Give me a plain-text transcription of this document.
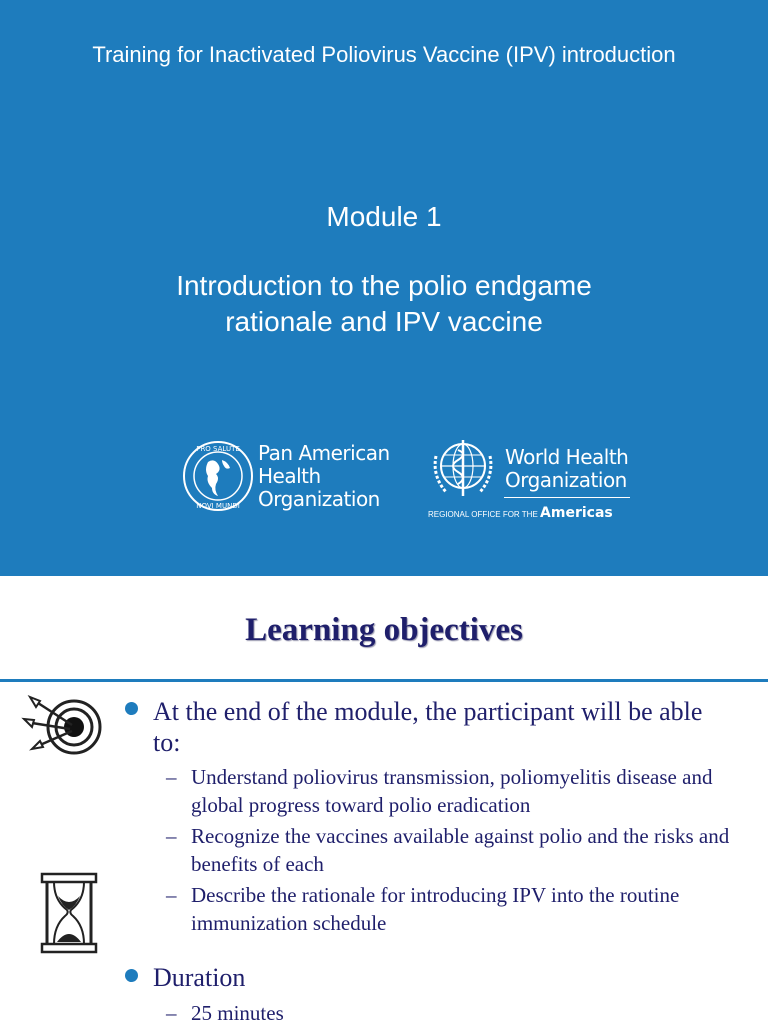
Training for Inactivated Poliovirus Vaccine (IPV) introduction
Module 1
Introduction to the polio endgame rationale and IPV vaccine
PRO SALUTE
NOVI MUNDI
Pan American Health Organization
World Health Organization
REGIONAL OFFICE FOR THE Americas
Learning objectives
At the end of the module, the participant will be able to:
– Understand poliovirus transmission, poliomyelitis disease and global progress toward polio eradication
– Recognize the vaccines available against polio and the risks and benefits of each
– Describe the rationale for introducing IPV into the routine immunization schedule
Duration
– 25 minutes
